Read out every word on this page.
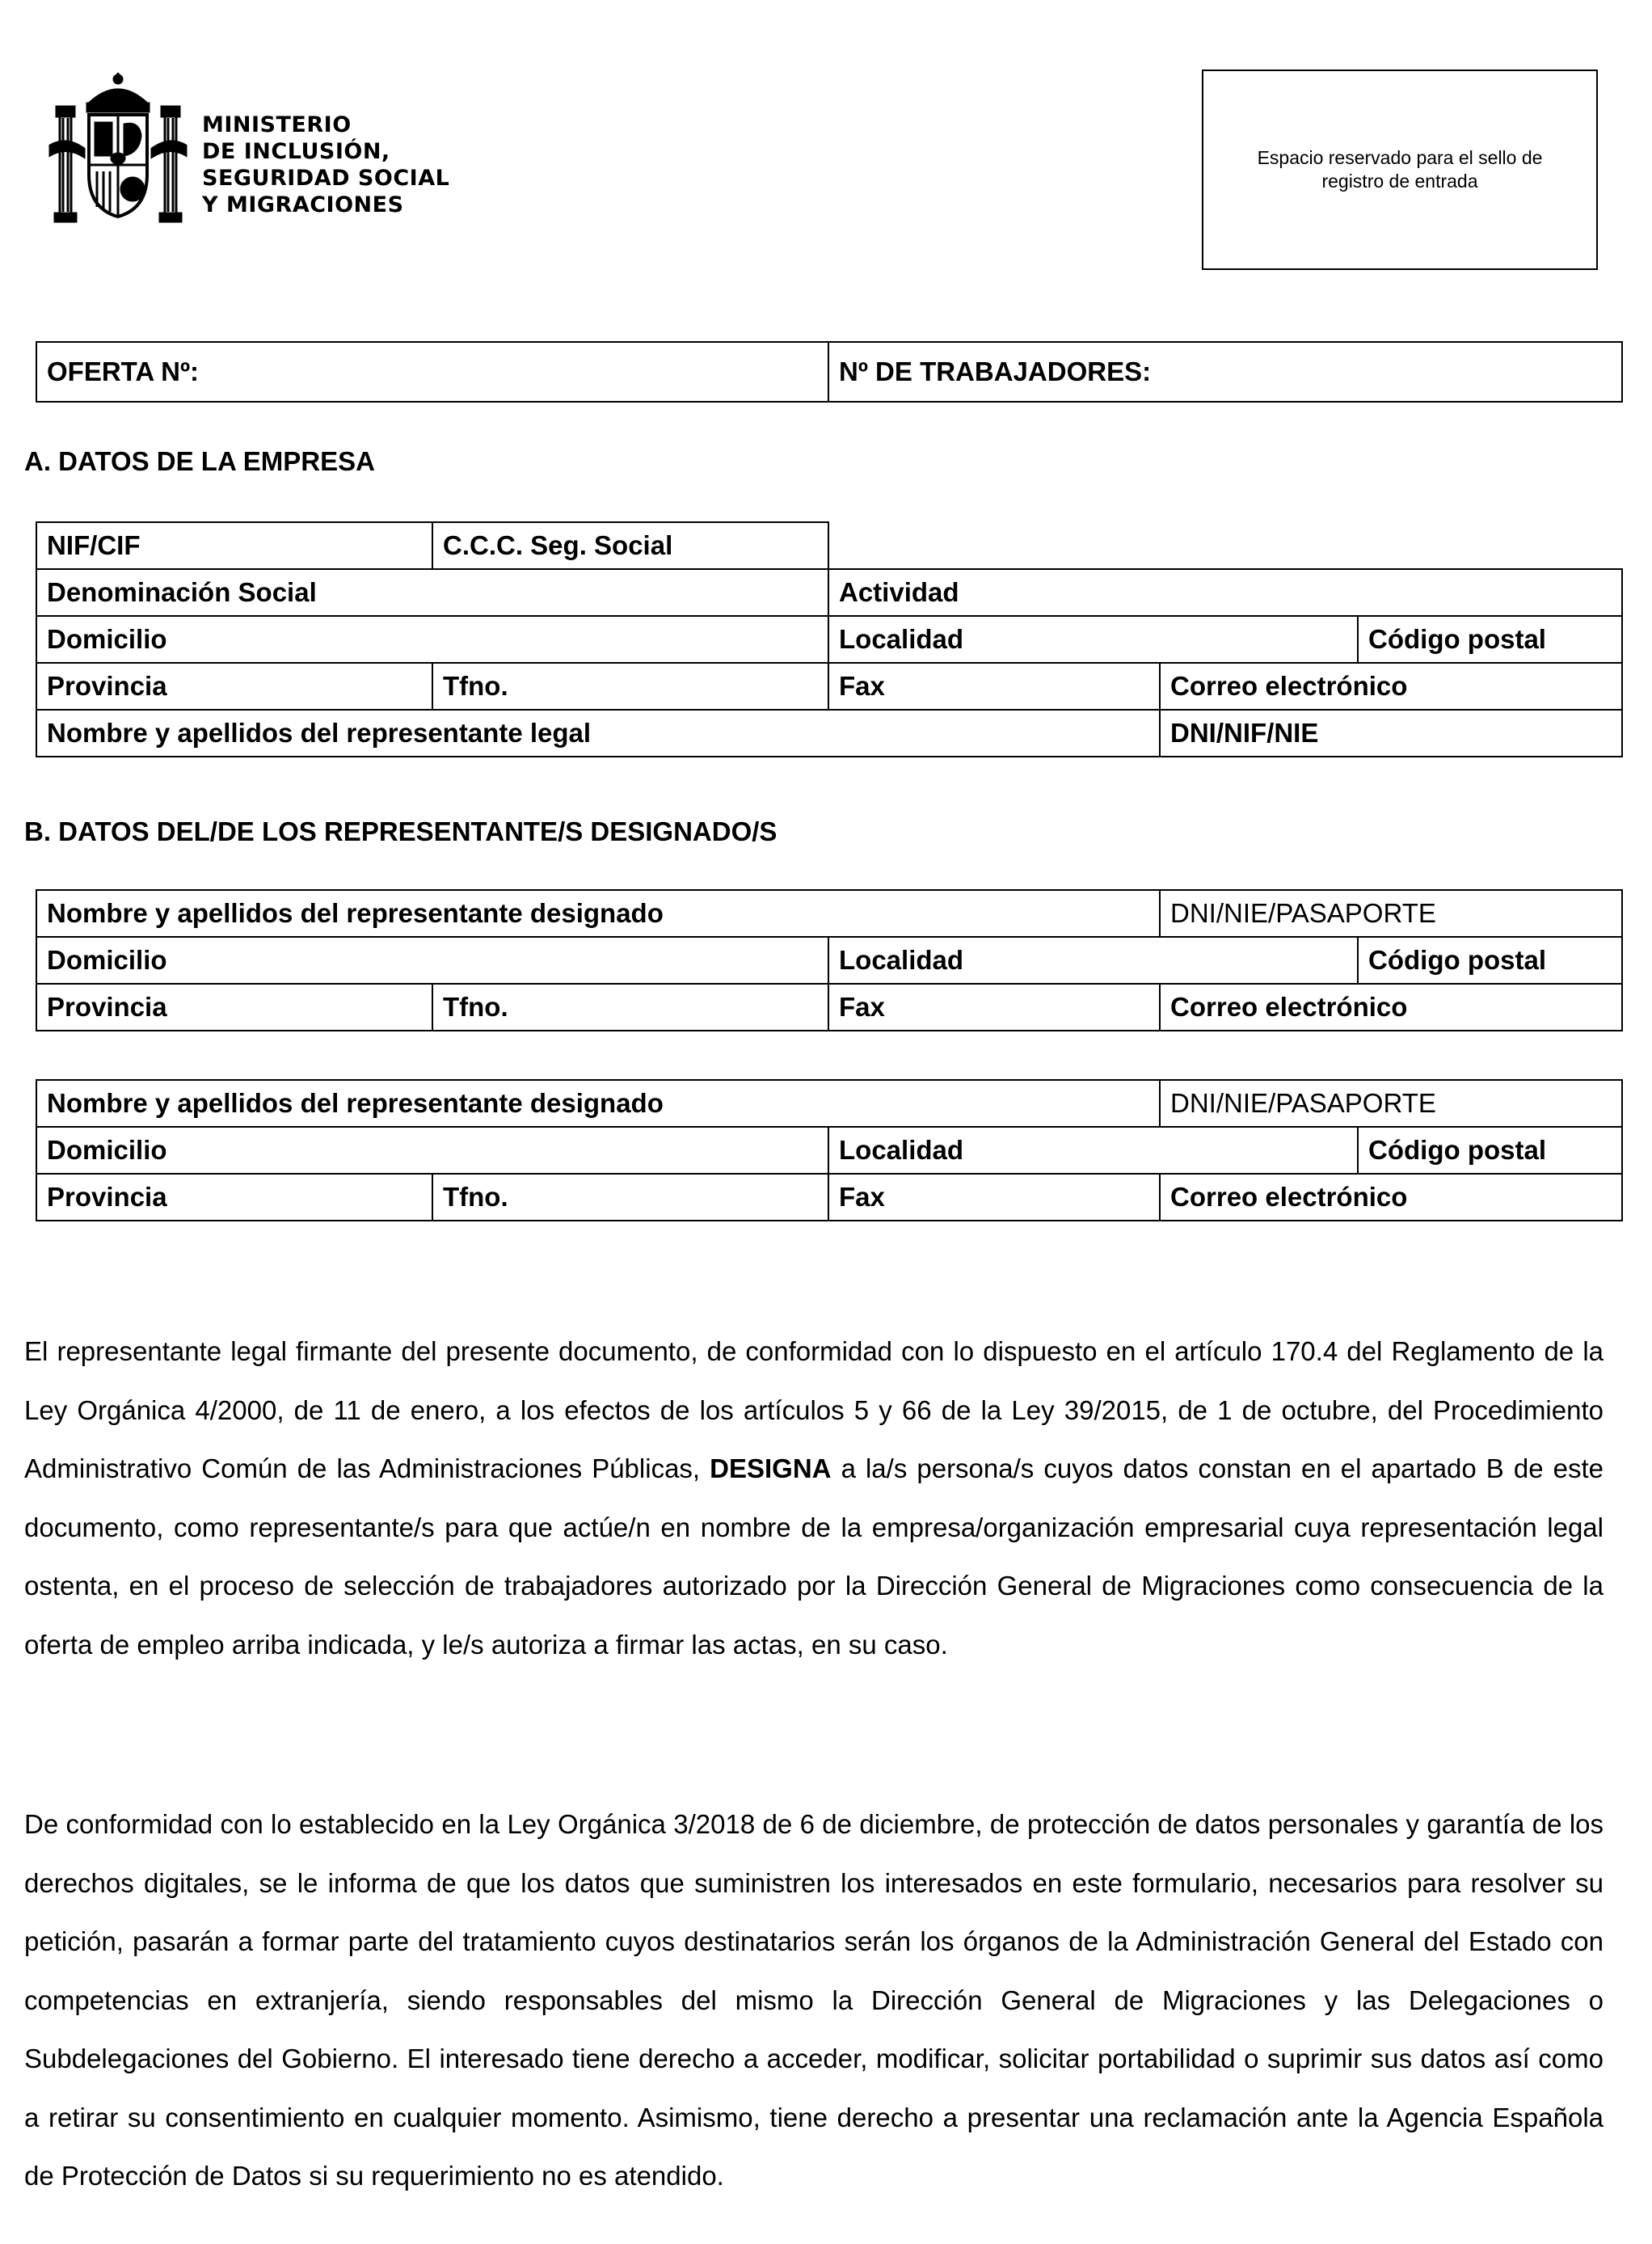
MINISTERIO
DE INCLUSIÓN,
SEGURIDAD SOCIAL
Y MIGRACIONES
Espacio reservado para el sello de registro de entrada
OFERTA Nº:	Nº DE TRABAJADORES:
A. DATOS DE LA EMPRESA
NIF/CIF	C.C.C. Seg. Social			
Denominación Social		Actividad		
Domicilio		Localidad		Código postal
Provincia	Tfno.	Fax	Correo electrónico	
Nombre y apellidos del representante legal			DNI/NIF/NIE	
B. DATOS DEL/DE LOS REPRESENTANTE/S DESIGNADO/S
Nombre y apellidos del representante designado			DNI/NIE/PASAPORTE	
Domicilio		Localidad		Código postal
Provincia	Tfno.	Fax	Correo electrónico	
Nombre y apellidos del representante designado			DNI/NIE/PASAPORTE	
Domicilio		Localidad		Código postal
Provincia	Tfno.	Fax	Correo electrónico	

El representante legal firmante del presente documento, de conformidad con lo dispuesto en el artículo 170.4 del Reglamento de la Ley Orgánica 4/2000, de 11 de enero, a los efectos de los artículos 5 y 66 de la Ley 39/2015, de 1 de octubre, del Procedimiento Administrativo Común de las Administraciones Públicas, DESIGNA a la/s persona/s cuyos datos constan en el apartado B de este documento, como representante/s para que actúe/n en nombre de la empresa/organización empresarial cuya representación legal ostenta, en el proceso de selección de trabajadores autorizado por la Dirección General de Migraciones como consecuencia de la oferta de empleo arriba indicada, y le/s autoriza a firmar las actas, en su caso.

De conformidad con lo establecido en la Ley Orgánica 3/2018 de 6 de diciembre, de protección de datos personales y garantía de los derechos digitales, se le informa de que los datos que suministren los interesados en este formulario, necesarios para resolver su petición, pasarán a formar parte del tratamiento cuyos destinatarios serán los órganos de la Administración General del Estado con competencias en extranjería, siendo responsables del mismo la Dirección General de Migraciones y las Delegaciones o Subdelegaciones del Gobierno. El interesado tiene derecho a acceder, modificar, solicitar portabilidad o suprimir sus datos así como a retirar su consentimiento en cualquier momento. Asimismo, tiene derecho a presentar una reclamación ante la Agencia Española de Protección de Datos si su requerimiento no es atendido.
